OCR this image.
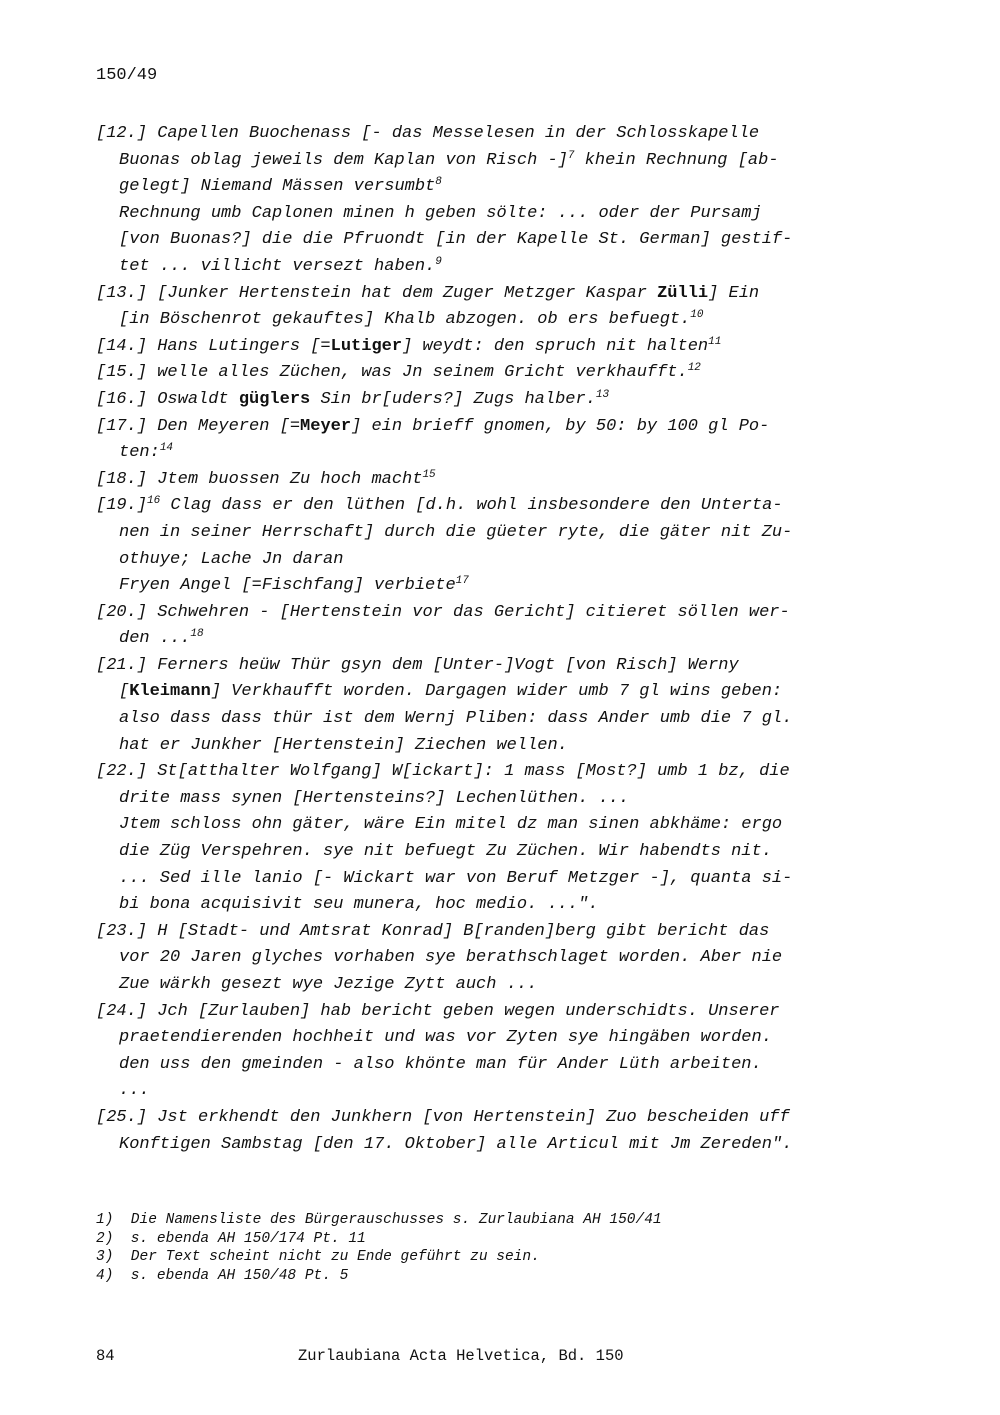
150/49
[12.] Capellen Buochenass [- das Messelesen in der Schlosskapelle
Buonas oblag jeweils dem Kaplan von Risch -]$^7$ khein Rechnung [ab-
gelegt] Niemand Mässen versumbt$^8$
Rechnung umb Caplonen minen h geben sölte: ... oder der Pursamj
[von Buonas?] die die Pfruondt [in der Kapelle St. German] gestif-
tet ... villicht versezt haben.$^9$
[13.] [Junker Hertenstein hat dem Zuger Metzger Kaspar Zülli] Ein
[in Böschenrot gekauftes] Khalb abzogen. ob ers befuegt.$^{10}$
[14.] Hans Lutingers [=Lutiger] weydt: den spruch nit halten$^{11}$
[15.] welle alles Züchen, was Jn seinem Gricht verkhaufft.$^{12}$
[16.] Oswaldt güglers Sin br[uders?] Zugs halber.$^{13}$
[17.] Den Meyeren [=Meyer] ein brieff gnomen, by 50: by 100 gl Po-
ten:$^{14}$
[18.] Jtem buossen Zu hoch macht$^{15}$
$[19.]^{16}$ Clag dass er den lüthen [d.h. wohl insbesondere den Unterta-
nen in seiner Herrschaft] durch die güeter ryte, die gäter nit Zu-
othuye; Lache Jn daran
Fryen Angel [=Fischfang] verbiete$^{17}$
[20.] Schwehren - [Hertenstein vor das Gericht] citieret söllen wer-
den ...$^{18}$
[21.] Ferners heüw Thür gsyn dem [Unter-]Vogt [von Risch] Werny
[Kleimann] Verkhaufft worden. Dargagen wider umb 7 gl wins geben:
also dass dass thür ist dem Wernj Pliben: dass Ander umb die 7 gl.
hat er Junkher [Hertenstein] Ziechen wellen.
[22.] St[atthalter Wolfgang] W[ickart]: 1 mass [Most?] umb 1 bz, die
drite mass synen [Hertensteins?] Lechenlüthen. ...
Jtem schloss ohn gäter, wäre Ein mitel dz man sinen abkhäme: ergo
die Züg Verspehren. sye nit befuegt Zu Züchen. Wir habendts nit.
... Sed ille lanio [- Wickart war von Beruf Metzger -], quanta si-
bi bona acquisivit seu munera, hoc medio. ...".
[23.] H [Stadt- und Amtsrat Konrad] B[randen]berg gibt bericht das
vor 20 Jaren glyches vorhaben sye berathschlaget worden. Aber nie
Zue wärkh gesezt wye Jezige Zytt auch ...
[24.] Jch [Zurlauben] hab bericht geben wegen underschidts. Unserer
praetendierenden hochheit und was vor Zyten sye hingäben worden.
den uss den gmeinden - also khönte man für Ander Lüth arbeiten.
...
[25.] Jst erkhendt den Junkhern [von Hertenstein] Zuo bescheiden uff
Konftigen Sambstag [den 17. Oktober] alle Articul mit Jm Zereden".
1)  Die Namensliste des Bürgerauschusses s. Zurlaubiana AH 150/41
2)  s. ebenda AH 150/174 Pt. 11
3)  Der Text scheint nicht zu Ende geführt zu sein.
4)  s. ebenda AH 150/48 Pt. 5
84	Zurlaubiana Acta Helvetica, Bd. 150
